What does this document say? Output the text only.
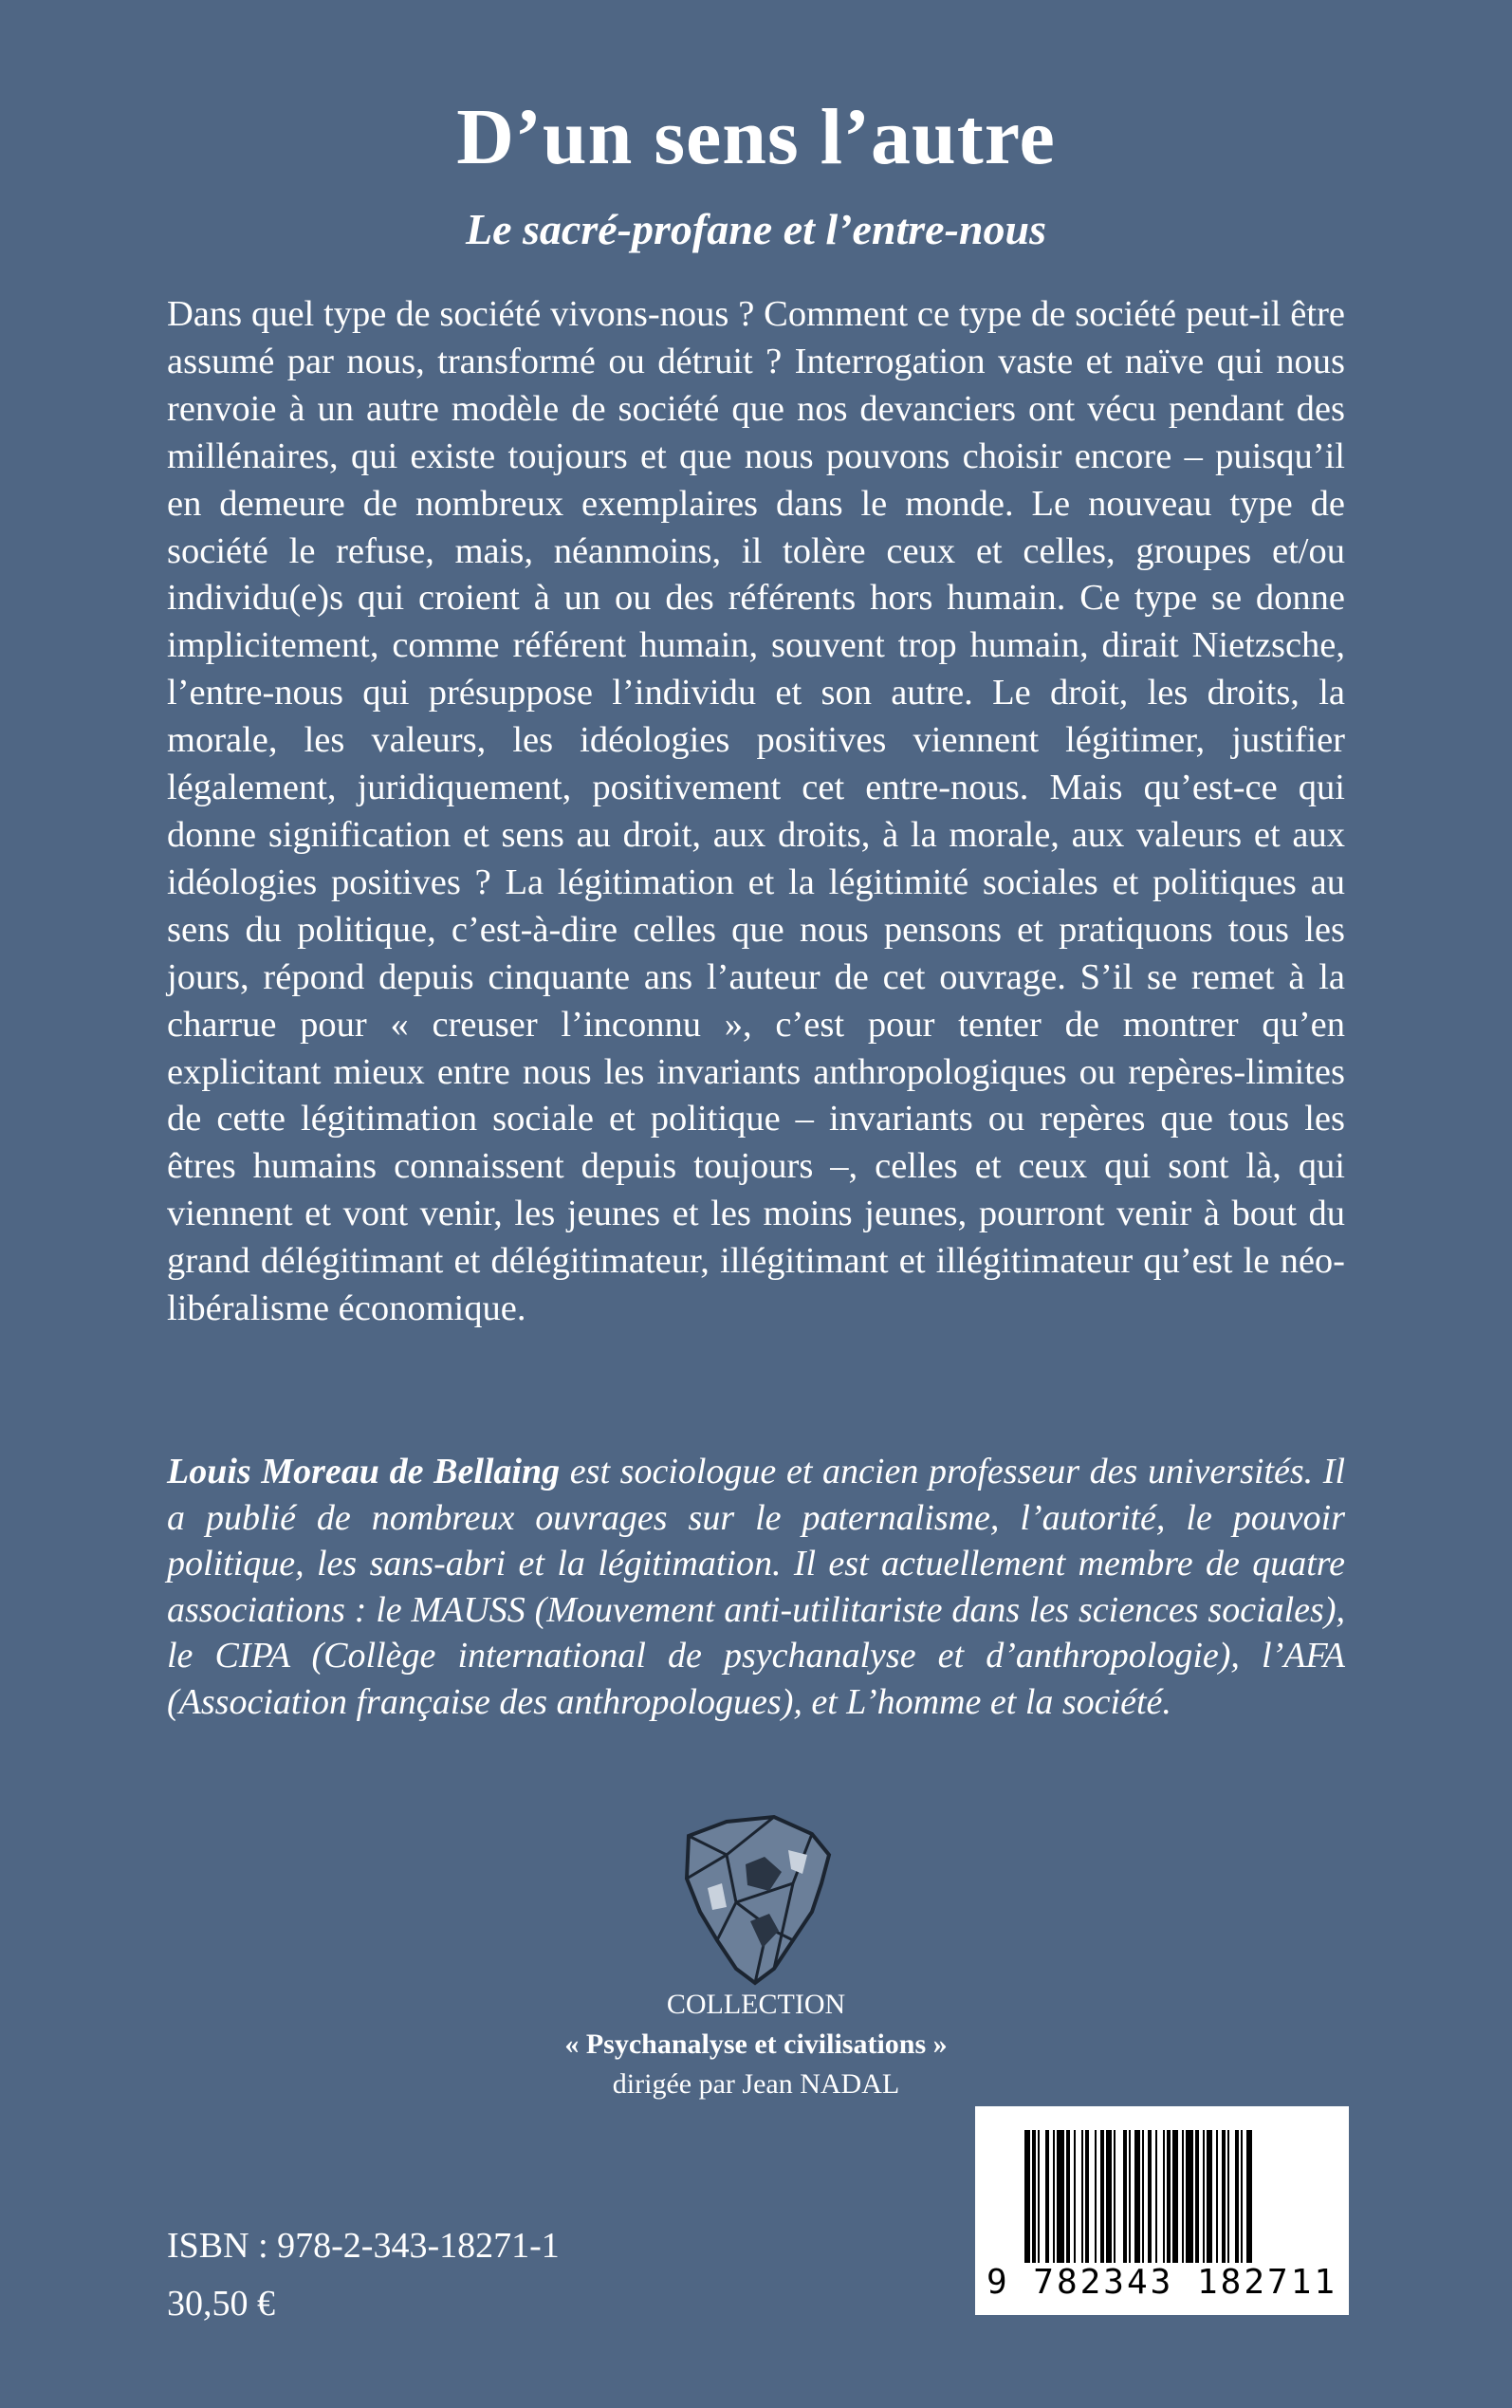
D’un sens l’autre
Le sacré-profane et l’entre-nous

Dans quel type de société vivons-nous ? Comment ce type de société peut-il être assumé par nous, transformé ou détruit ? Interrogation vaste et naïve qui nous renvoie à un autre modèle de société que nos devanciers ont vécu pendant des millénaires, qui existe toujours et que nous pouvons choisir encore – puisqu’il en demeure de nombreux exemplaires dans le monde. Le nouveau type de société le refuse, mais, néanmoins, il tolère ceux et celles, groupes et/ou individu(e)s qui croient à un ou des référents hors humain. Ce type se donne implicitement, comme référent humain, souvent trop humain, dirait Nietzsche, l’entre-nous qui présuppose l’individu et son autre. Le droit, les droits, la morale, les valeurs, les idéologies positives viennent légitimer, justifier légalement, juridiquement, positivement cet entre-nous. Mais qu’est-ce qui donne signification et sens au droit, aux droits, à la morale, aux valeurs et aux idéologies positives ? La légitimation et la légitimité sociales et politiques au sens du politique, c’est-à-dire celles que nous pensons et pratiquons tous les jours, répond depuis cinquante ans l’auteur de cet ouvrage. S’il se remet à la charrue pour « creuser l’inconnu », c’est pour tenter de montrer qu’en explicitant mieux entre nous les invariants anthropologiques ou repères-limites de cette légitimation sociale et politique – invariants ou repères que tous les êtres humains connaissent depuis toujours –, celles et ceux qui sont là, qui viennent et vont venir, les jeunes et les moins jeunes, pourront venir à bout du grand délégitimant et délégitimateur, illégitimant et illégitimateur qu’est le néo-libéralisme économique.

Louis Moreau de Bellaing est sociologue et ancien professeur des universités. Il a publié de nombreux ouvrages sur le paternalisme, l’autorité, le pouvoir politique, les sans-abri et la légitimation. Il est actuellement membre de quatre associations : le MAUSS (Mouvement anti-utilitariste dans les sciences sociales), le CIPA (Collège international de psychanalyse et d’anthropologie), l’AFA (Association française des anthropologues), et L’homme et la société.

COLLECTION
« Psychanalyse et civilisations »
dirigée par Jean NADAL
ISBN : 978-2-343-18271-1
30,50 €
9 782343 182711
